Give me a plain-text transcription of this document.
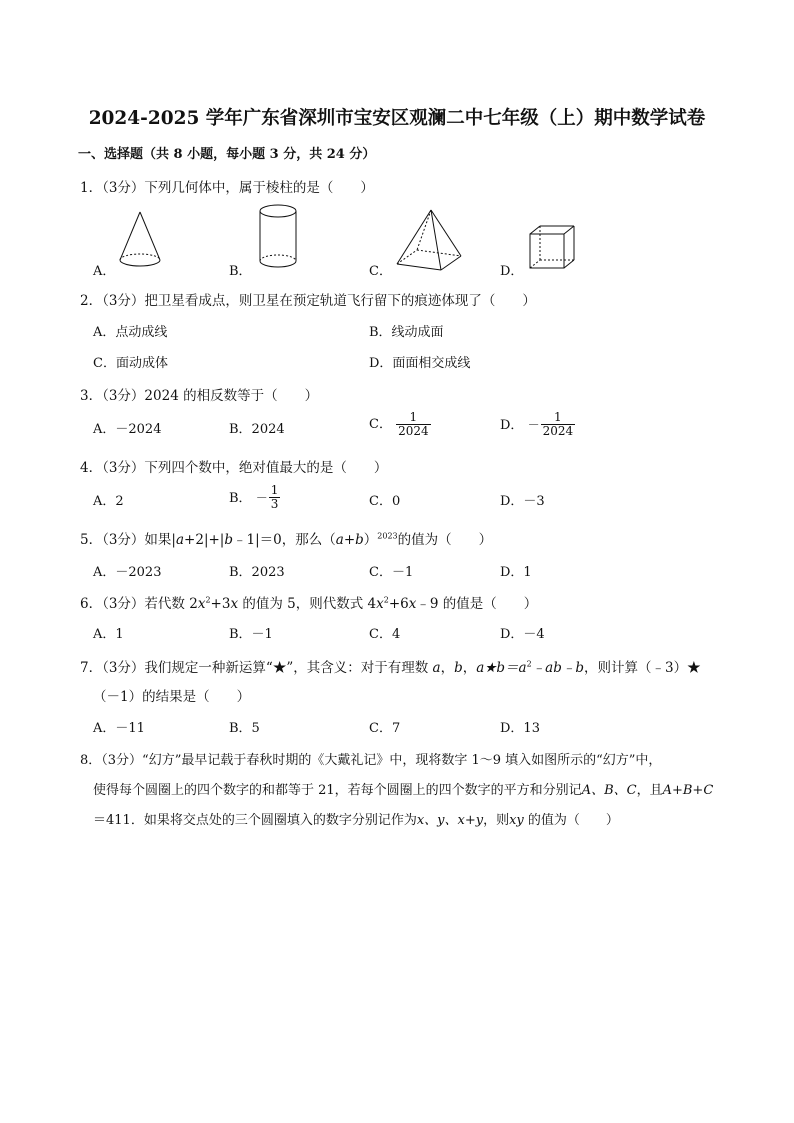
2024-2025 学年广东省深圳市宝安区观澜二中七年级（上）期中数学试卷
一、选择题（共 8 小题，每小题 3 分，共 24 分）
1．（3分）下列几何体中，属于棱柱的是（　　）
A．	B．	C．	D．
2．（3分）把卫星看成点，则卫星在预定轨道飞行留下的痕迹体现了（　　）
A．点动成线	B．线动成面
C．面动成体	D．面面相交成线
3．（3分）2024 的相反数等于（　　）
A．－2024	B．2024	C． $\frac{1}{2024}$	D． － $\frac{1}{2024}$
4．（3分）下列四个数中，绝对值最大的是（　　）
A．2	B． － $\frac{1}{3}$	C．0	D．－3
5．（3分）如果|a+2|+|b﹣1|＝0，那么$(a+b)^{2023}$的值为（　　）
A．－2023	B．2023	C．－1	D．1
6．（3分）若代数 $2x^2+3x$ 的值为 5，则代数式 $4x^2+6x﹣9$ 的值是（　　）
A．1	B．－1	C．4	D．－4
7．（3分）我们规定一种新运算“★”，其含义：对于有理数 a，b，$a★b=a^2﹣ab﹣b$，则计算（﹣3）★
（－1）的结果是（　　）
A．－11	B．5	C．7	D．13
8．（3分）“幻方”最早记载于春秋时期的《大戴礼记》中，现将数字 1～9 填入如图所示的“幻方”中，
使得每个圆圈上的四个数字的和都等于 21，若每个圆圈上的四个数字的平方和分别记A、B、C，且A+B+C
＝411．如果将交点处的三个圆圈填入的数字分别记作为x、y、x+y，则xy 的值为（　　）
